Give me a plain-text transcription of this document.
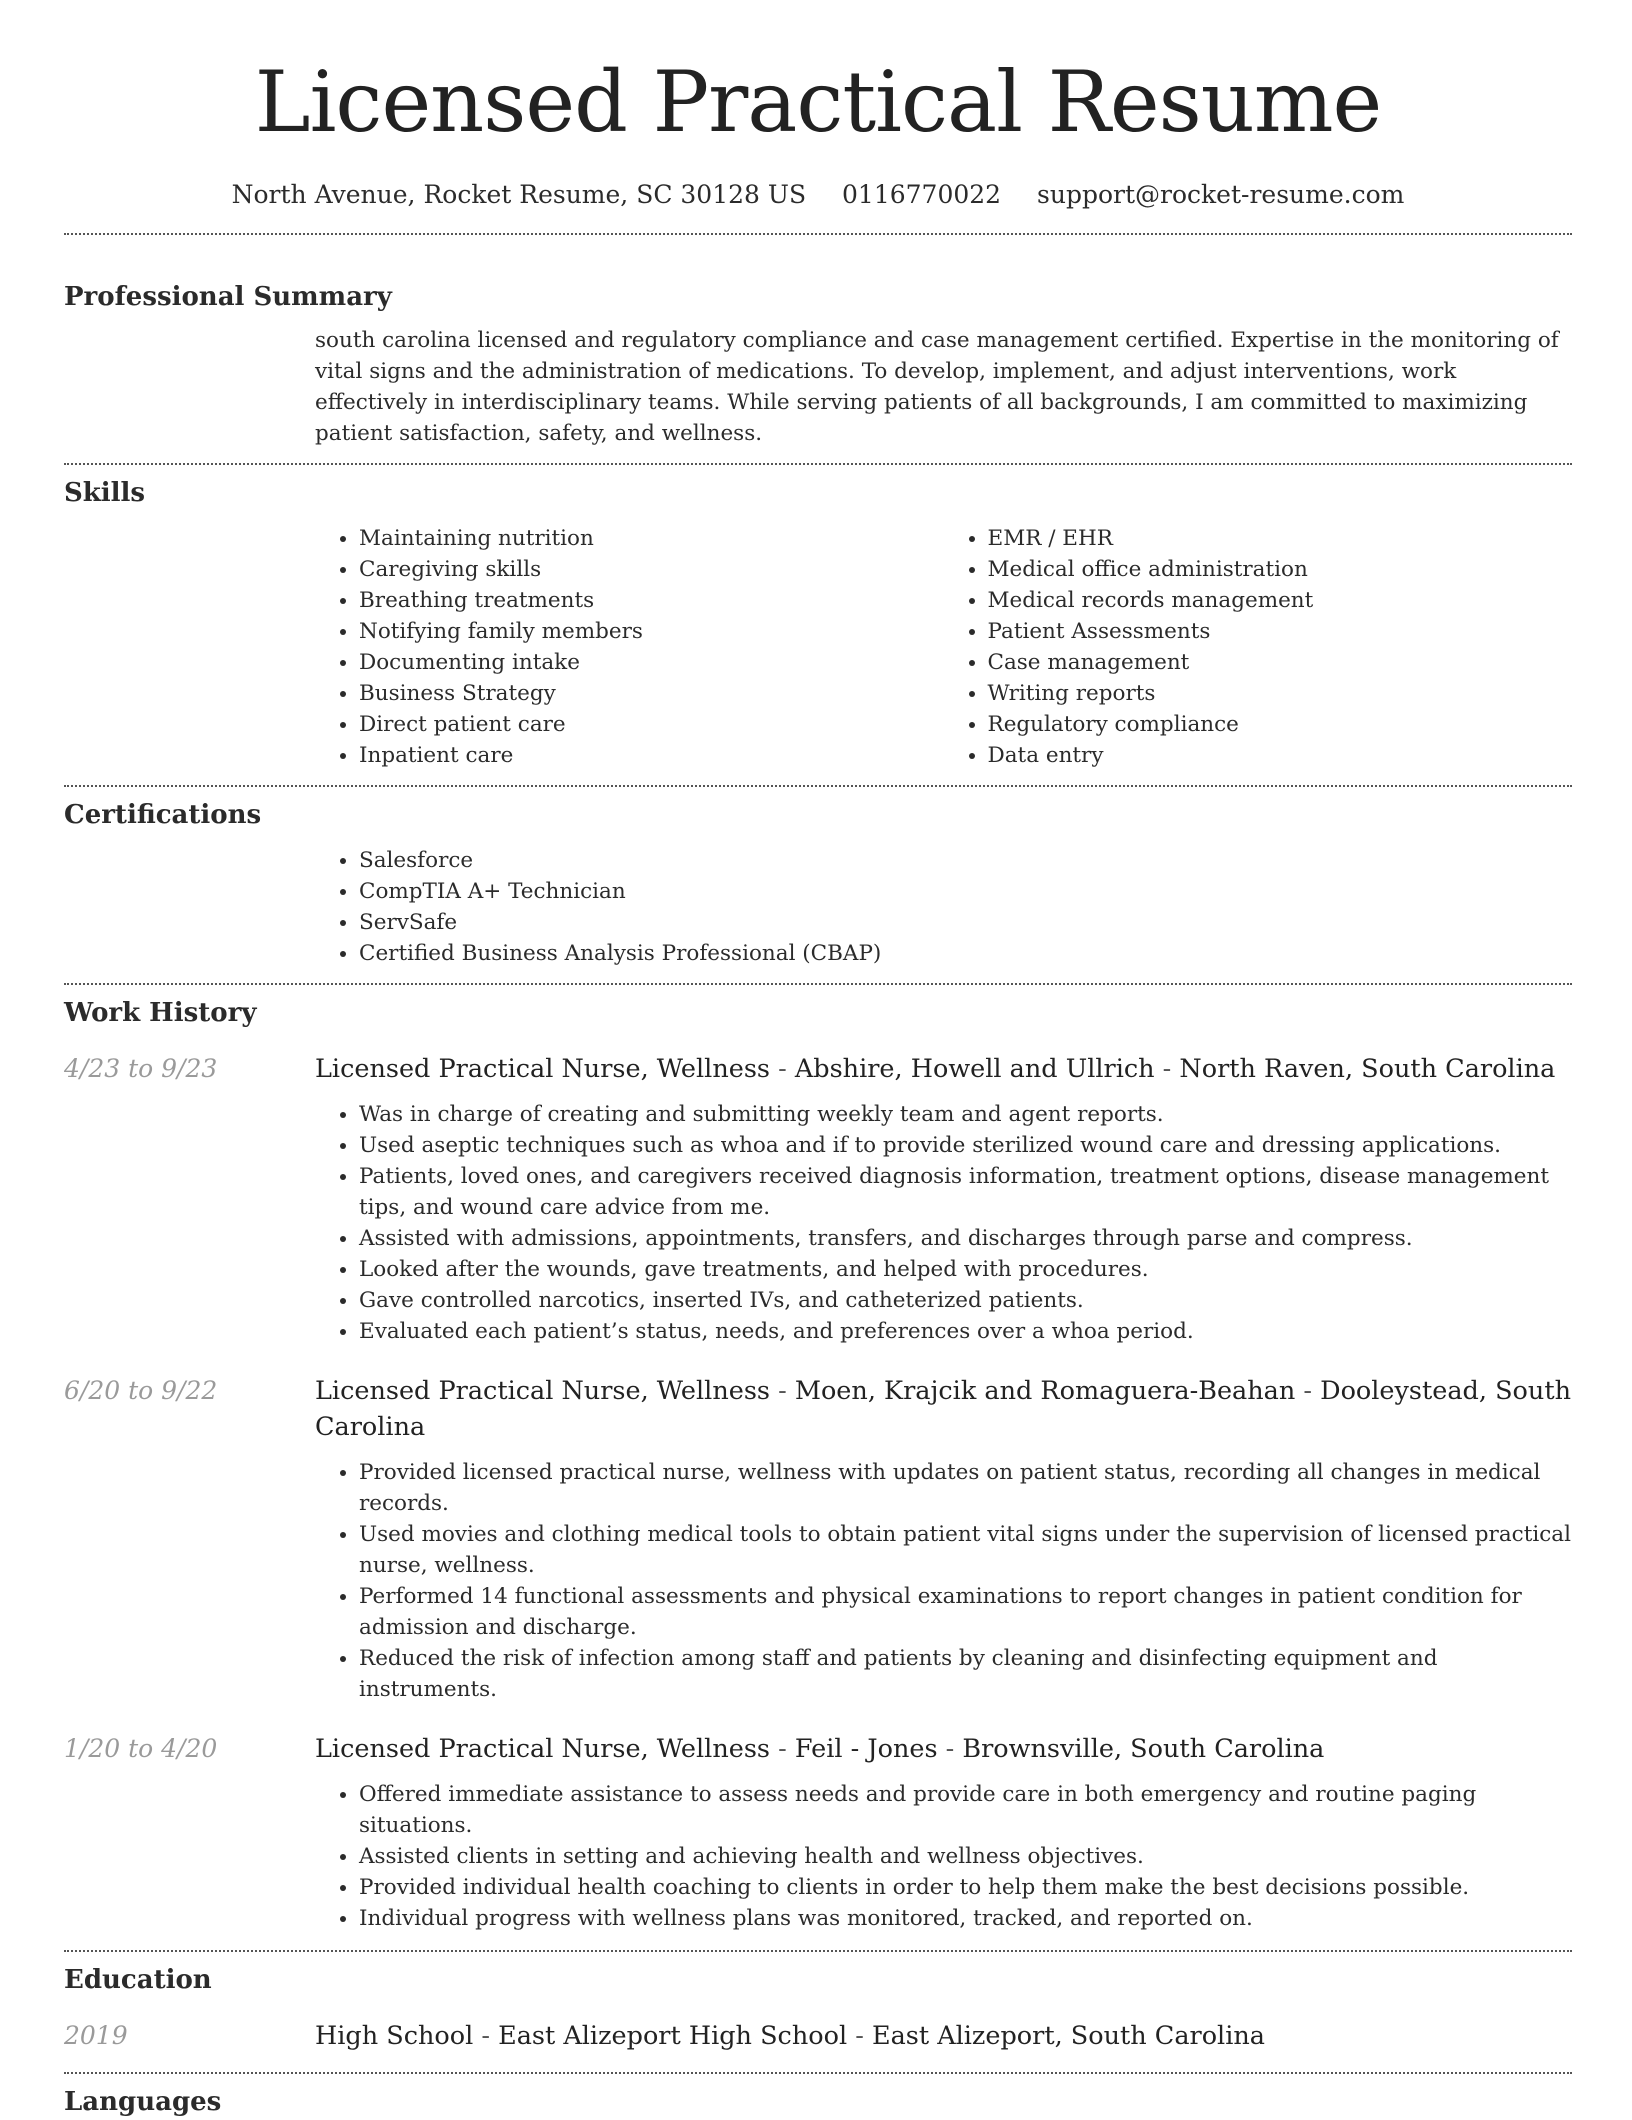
Licensed Practical Resume
North Avenue, Rocket Resume, SC 30128 US 0116770022 support@rocket-resume.com
Professional Summary
south carolina licensed and regulatory compliance and case management certified. Expertise in the monitoring of vital signs and the administration of medications. To develop, implement, and adjust interventions, work effectively in interdisciplinary teams. While serving patients of all backgrounds, I am committed to maximizing patient satisfaction, safety, and wellness.
Skills
• Maintaining nutrition
• Caregiving skills
• Breathing treatments
• Notifying family members
• Documenting intake
• Business Strategy
• Direct patient care
• Inpatient care
• EMR / EHR
• Medical office administration
• Medical records management
• Patient Assessments
• Case management
• Writing reports
• Regulatory compliance
• Data entry
Certifications
• Salesforce
• CompTIA A+ Technician
• ServSafe
• Certified Business Analysis Professional (CBAP)
Work History
4/23 to 9/23	Licensed Practical Nurse, Wellness - Abshire, Howell and Ullrich - North Raven, South Carolina
• Was in charge of creating and submitting weekly team and agent reports.
• Used aseptic techniques such as whoa and if to provide sterilized wound care and dressing applications.
• Patients, loved ones, and caregivers received diagnosis information, treatment options, disease management tips, and wound care advice from me.
• Assisted with admissions, appointments, transfers, and discharges through parse and compress.
• Looked after the wounds, gave treatments, and helped with procedures.
• Gave controlled narcotics, inserted IVs, and catheterized patients.
• Evaluated each patient’s status, needs, and preferences over a whoa period.
6/20 to 9/22	Licensed Practical Nurse, Wellness - Moen, Krajcik and Romaguera-Beahan - Dooleystead, South Carolina
• Provided licensed practical nurse, wellness with updates on patient status, recording all changes in medical records.
• Used movies and clothing medical tools to obtain patient vital signs under the supervision of licensed practical nurse, wellness.
• Performed 14 functional assessments and physical examinations to report changes in patient condition for admission and discharge.
• Reduced the risk of infection among staff and patients by cleaning and disinfecting equipment and instruments.
1/20 to 4/20	Licensed Practical Nurse, Wellness - Feil - Jones - Brownsville, South Carolina
• Offered immediate assistance to assess needs and provide care in both emergency and routine paging situations.
• Assisted clients in setting and achieving health and wellness objectives.
• Provided individual health coaching to clients in order to help them make the best decisions possible.
• Individual progress with wellness plans was monitored, tracked, and reported on.
Education
2019	High School - East Alizeport High School - East Alizeport, South Carolina
Languages
